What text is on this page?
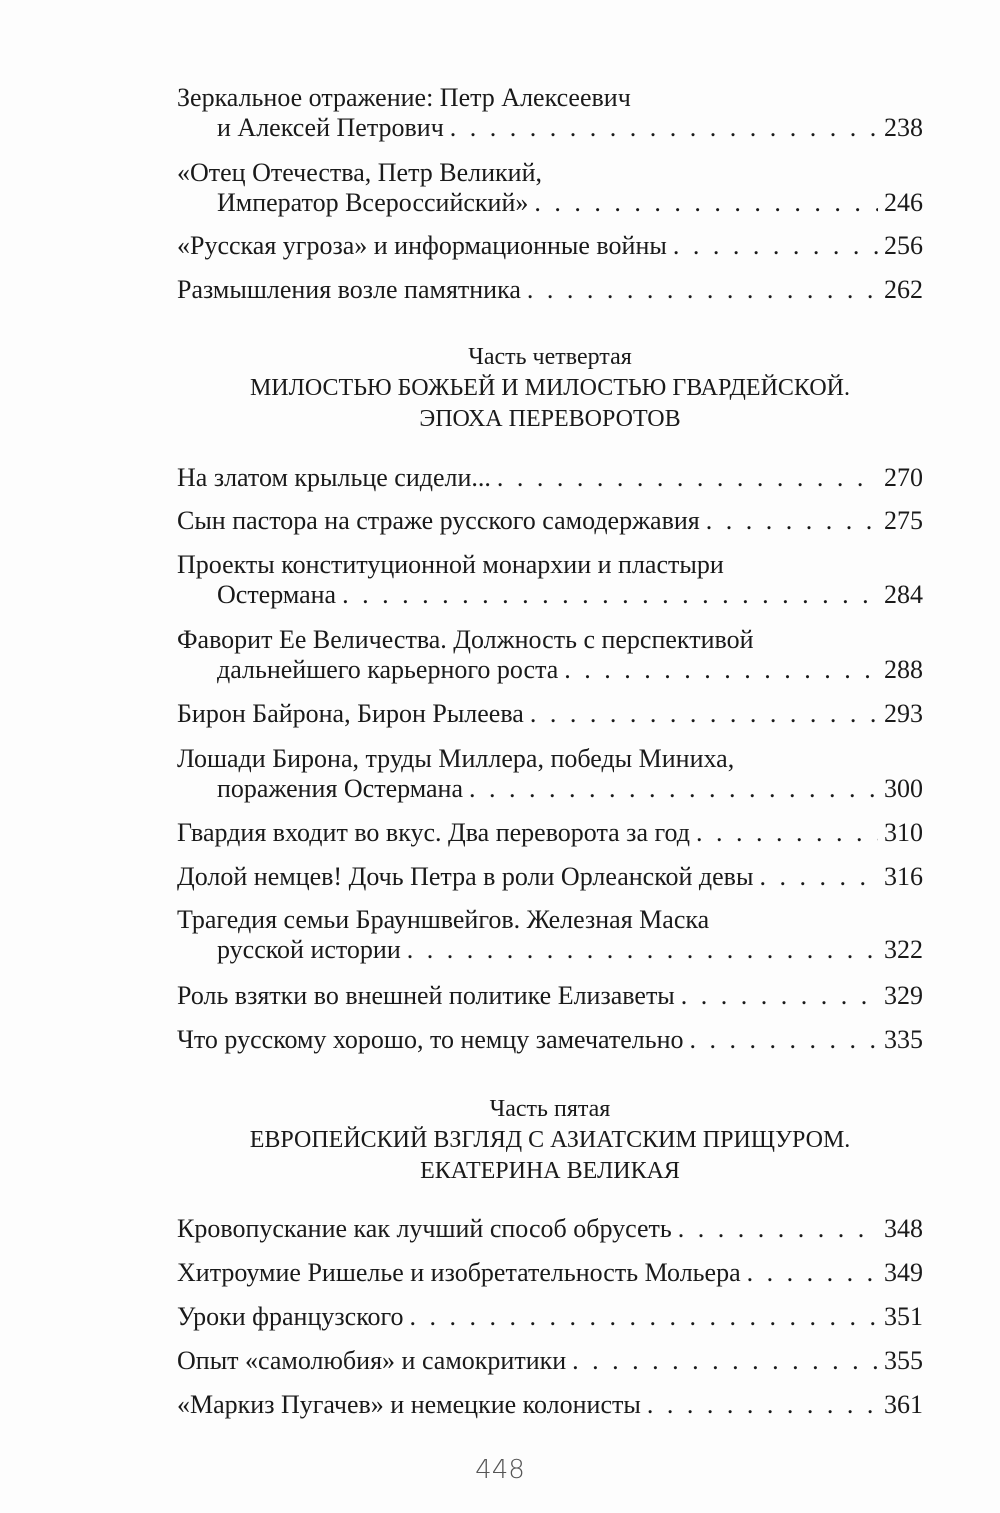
Зеркальное отражение: Петр Алексеевич
и Алексей Петрович . . .	238
«Отец Отечества, Петр Великий,
Император Всероссийский» . . .	246
«Русская угроза» и информационные войны . . .	256
Размышления возле памятника . . .	262
Часть четвертая
МИЛОСТЬЮ БОЖЬЕЙ И МИЛОСТЬЮ ГВАРДЕЙСКОЙ.
ЭПОХА ПЕРЕВОРОТОВ
На златом крыльце сидели... . . .	270
Сын пастора на страже русского самодержавия . . .	275
Проекты конституционной монархии и пластыри
Остермана . . .	284
Фаворит Ее Величества. Должность с перспективой
дальнейшего карьерного роста . . .	288
Бирон Байрона, Бирон Рылеева . . .	293
Лошади Бирона, труды Миллера, победы Миниха,
поражения Остермана . . .	300
Гвардия входит во вкус. Два переворота за год . . .	310
Долой немцев! Дочь Петра в роли Орлеанской девы . . .	316
Трагедия семьи Брауншвейгов. Железная Маска
русской истории . . .	322
Роль взятки во внешней политике Елизаветы . . .	329
Что русскому хорошо, то немцу замечательно . . .	335
Часть пятая
ЕВРОПЕЙСКИЙ ВЗГЛЯД С АЗИАТСКИМ ПРИЩУРОМ.
ЕКАТЕРИНА ВЕЛИКАЯ
Кровопускание как лучший способ обрусеть . . .	348
Хитроумие Ришелье и изобретательность Мольера . . .	349
Уроки французского . . .	351
Опыт «самолюбия» и самокритики . . .	355
«Маркиз Пугачев» и немецкие колонисты . . .	361
448
